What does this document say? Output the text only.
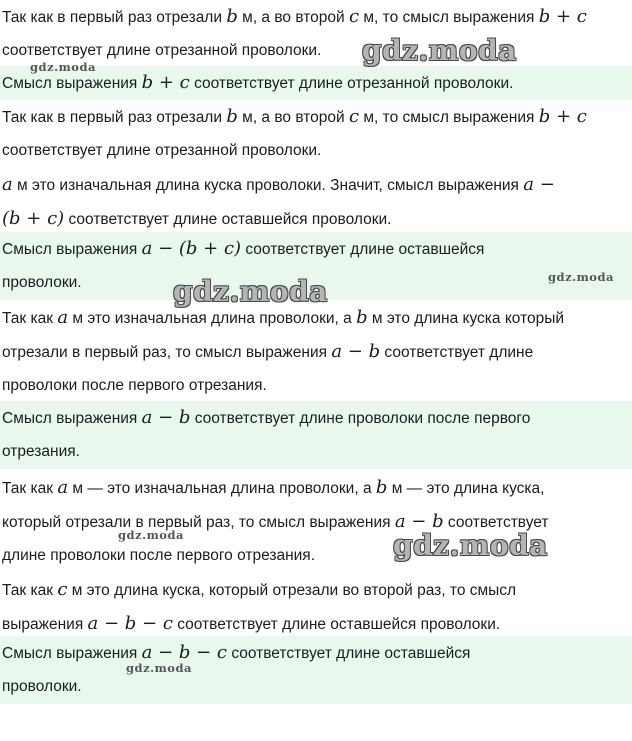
Так как в первый раз отрезали b м, а во второй c м, то смысл выражения b + c
соответствует длине отрезанной проволоки.
Смысл выражения b + c соответствует длине отрезанной проволоки.
Так как в первый раз отрезали b м, а во второй c м, то смысл выражения b + c
соответствует длине отрезанной проволоки.
a м это изначальная длина куска проволоки. Значит, смысл выражения a −
(b + c) соответствует длине оставшейся проволоки.
Смысл выражения a − (b + c) соответствует длине оставшейся
проволоки.
Так как a м это изначальная длина проволоки, а b м это длина куска который
отрезали в первый раз, то смысл выражения a − b соответствует длине
проволоки после первого отрезания.
Смысл выражения a − b соответствует длине проволоки после первого
отрезания.
Так как a м — это изначальная длина проволоки, а b м — это длина куска,
который отрезали в первый раз, то смысл выражения a − b соответствует
длине проволоки после первого отрезания.
Так как c м это длина куска, который отрезали во второй раз, то смысл
выражения a − b − c соответствует длине оставшейся проволоки.
Смысл выражения a − b − c соответствует длине оставшейся
проволоки.
gdz.moda
gdz.moda
gdz.moda	gdz.moda
gdz.moda
gdz.moda
gdz.moda
